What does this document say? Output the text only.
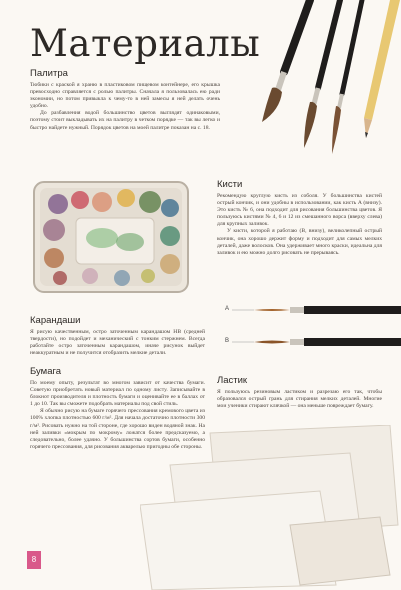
Материалы
Палитра

Тюбики с краской я храню в пластиковом пищевом контейнере, его крышка превосходно справляется с ролью палитры. Сначала я пользовалась ею ради экономии, но потом привыкла к чему-то в ней замесы я ней делать очень удобно.

До разбавления водой большинство цветов выглядят одинаковыми, поэтому стоит выкладывать их на палитру в четком порядке — так вы легко и быстро найдете нужный. Порядок цветов на моей палитре показан на с. 18.

Кисти

Рекомендую круглую кисть из соболя. У большинства кистей острый кончик, и они удобны в использовании, как кисть A (внизу). Это кисть № 6, она подходит для рисования большинства цветов. Я пользуюсь кистями № 4, 6 и 12 из смешанного ворса (вверху слева) для крупных заливок.

У кисти, которой я работаю (B, внизу), великолепный острый кончик, она хорошо держит форму и подходит для самых мелких деталей, даже волосков. Она удерживает много краски, идеальна для заливок и ею можно долго рисовать не прерываясь.

A
B
Карандаши

Я рисую качественным, остро заточенным карандашом HB (средней твердости), но подойдет и механический с тонким стержнем. Всегда работайте остро заточенным карандашом, иначе рисунок выйдет неаккуратным и не получится отобразить мелкие детали.

Бумага

По моему опыту, результат во многом зависит от качества бумаги. Советую приобретать новый материал по одному листу. Записывайте в блокнот производителя и плотность бумаги и оценивайте ее в баллах от 1 до 10. Так вы сможете подобрать материалы под свой стиль.

Я обычно рисую на бумаге горячего прессования кремового цвета из 100% хлопка плотностью 600 г/м². Для начала достаточно плотности 300 г/м². Рисовать нужно на той стороне, где хорошо виден водяной знак. На ней заливки «мокрым по мокрому» ложатся более предсказуемо, а следовательно, более удачно. У большинства сортов бумаги, особенно горячего прессования, для рисования акварелью пригодны обе стороны.

Ластик

Я пользуюсь резиновым ластиком и разрезаю его так, чтобы образовался острый грань для стирания мелких деталей. Многие мои ученики стирают клячкой — она меньше повреждает бумагу.

8
